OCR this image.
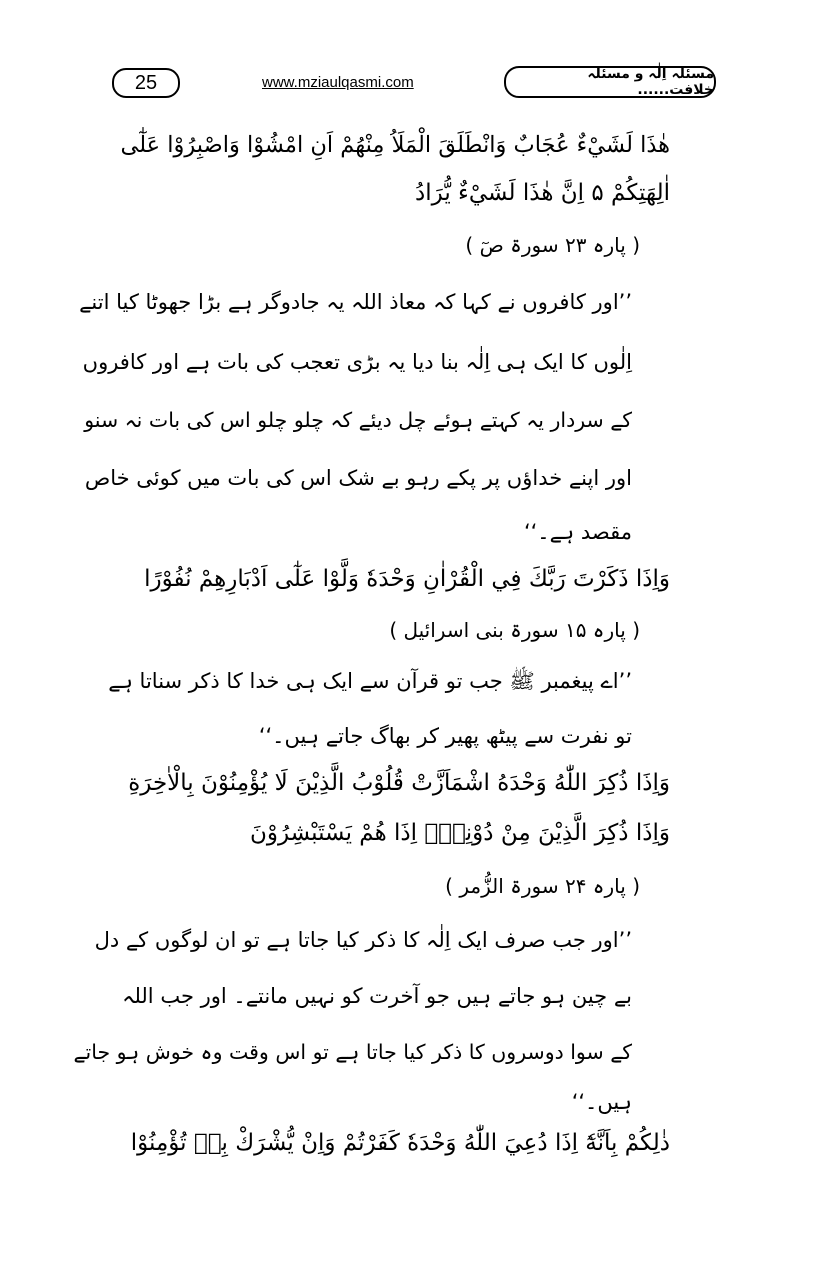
25	www.mziaulqasmi.com	مسئلہ اِلٰہ و مسئلہ خلافت......
هٰذَا لَشَيْءٌ عُجَابٌ وَانْطَلَقَ الْمَلَاُ مِنْهُمْ اَنِ امْشُوْا وَاصْبِرُوْا عَلٰٓى
اٰلِهَتِكُمْ ۵ اِنَّ هٰذَا لَشَيْءٌ يُّرَادُ
( پارہ ۲۳ سورۃ صٓ )
’’اور کافروں نے کہا کہ معاذ اللہ یہ جادوگر ہے بڑا جھوٹا کیا اتنے
اِلٰوں کا ایک ہی اِلٰہ بنا دیا یہ بڑی تعجب کی بات ہے اور کافروں
کے سردار یہ کہتے ہوئے چل دیئے کہ چلو چلو اس کی بات نہ سنو
اور اپنے خداؤں پر پکے رہو بے شک اس کی بات میں کوئی خاص
مقصد ہے۔‘‘
وَاِذَا ذَكَرْتَ رَبَّكَ فِي الْقُرْاٰنِ وَحْدَهٗ وَلَّوْا عَلٰٓى اَدْبَارِهِمْ نُفُوْرًا
( پارہ ۱۵ سورۃ بنی اسرائیل )
’’اے پیغمبر ﷺ جب تو قرآن سے ایک ہی خدا کا ذکر سناتا ہے
تو نفرت سے پیٹھ پھیر کر بھاگ جاتے ہیں۔‘‘
وَاِذَا ذُكِرَ اللّٰهُ وَحْدَهُ اشْمَاَزَّتْ قُلُوْبُ الَّذِيْنَ لَا يُؤْمِنُوْنَ بِالْاٰخِرَةِ
وَاِذَا ذُكِرَ الَّذِيْنَ مِنْ دُوْنِهٖٓ اِذَا هُمْ يَسْتَبْشِرُوْنَ
( پارہ ۲۴ سورۃ الزُّمر )
’’اور جب صرف ایک اِلٰہ کا ذکر کیا جاتا ہے تو ان لوگوں کے دل
بے چین ہو جاتے ہیں جو آخرت کو نہیں مانتے۔ اور جب اللہ
کے سوا دوسروں کا ذکر کیا جاتا ہے تو اس وقت وہ خوش ہو جاتے
ہیں۔‘‘
ذٰلِكُمْ بِاَنَّهٗٓ اِذَا دُعِيَ اللّٰهُ وَحْدَهٗ كَفَرْتُمْ وَاِنْ يُّشْرَكْ بِهٖ تُؤْمِنُوْا
